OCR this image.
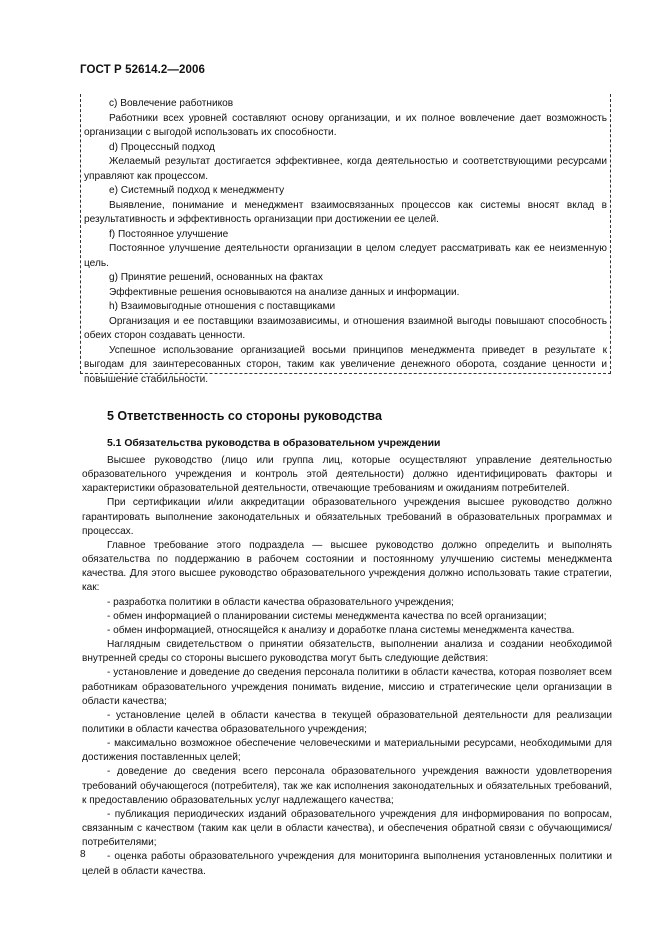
ГОСТ Р 52614.2—2006

с) Вовлечение работников

Работники всех уровней составляют основу организации, и их полное вовлечение дает возможность организации с выгодой использовать их способности.

d) Процессный подход

Желаемый результат достигается эффективнее, когда деятельностью и соответствующими ресурсами управляют как процессом.

e) Системный подход к менеджменту

Выявление, понимание и менеджмент взаимосвязанных процессов как системы вносят вклад в результативность и эффективность организации при достижении ее целей.

f) Постоянное улучшение

Постоянное улучшение деятельности организации в целом следует рассматривать как ее неизменную цель.

g) Принятие решений, основанных на фактах

Эффективные решения основываются на анализе данных и информации.

h) Взаимовыгодные отношения с поставщиками

Организация и ее поставщики взаимозависимы, и отношения взаимной выгоды повышают способность обеих сторон создавать ценности.

Успешное использование организацией восьми принципов менеджмента приведет в результате к выгодам для заинтересованных сторон, таким как увеличение денежного оборота, создание ценности и повышение стабильности.

5 Ответственность со стороны руководства
5.1 Обязательства руководства в образовательном учреждении

Высшее руководство (лицо или группа лиц, которые осуществляют управление деятельностью образовательного учреждения и контроль этой деятельности) должно идентифицировать факторы и характеристики образовательной деятельности, отвечающие требованиям и ожиданиям потребителей.

При сертификации и/или аккредитации образовательного учреждения высшее руководство должно гарантировать выполнение законодательных и обязательных требований в образовательных программах и процессах.

Главное требование этого подраздела — высшее руководство должно определить и выполнять обязательства по поддержанию в рабочем состоянии и постоянному улучшению системы менеджмента качества. Для этого высшее руководство образовательного учреждения должно использовать такие стратегии, как:

- разработка политики в области качества образовательного учреждения;

- обмен информацией о планировании системы менеджмента качества по всей организации;

- обмен информацией, относящейся к анализу и доработке плана системы менеджмента качества.

Наглядным свидетельством о принятии обязательств, выполнении анализа и создании необходимой внутренней среды со стороны высшего руководства могут быть следующие действия:

- установление и доведение до сведения персонала политики в области качества, которая позволяет всем работникам образовательного учреждения понимать видение, миссию и стратегические цели организации в области качества;

- установление целей в области качества в текущей образовательной деятельности для реализации политики в области качества образовательного учреждения;

- максимально возможное обеспечение человеческими и материальными ресурсами, необходимыми для достижения поставленных целей;

- доведение до сведения всего персонала образовательного учреждения важности удовлетворения требований обучающегося (потребителя), так же как исполнения законодательных и обязательных требований, к предоставлению образовательных услуг надлежащего качества;

- публикация периодических изданий образовательного учреждения для информирования по вопросам, связанным с качеством (таким как цели в области качества), и обеспечения обратной связи с обучающимися/потребителями;

- оценка работы образовательного учреждения для мониторинга выполнения установленных политики и целей в области качества.

8
